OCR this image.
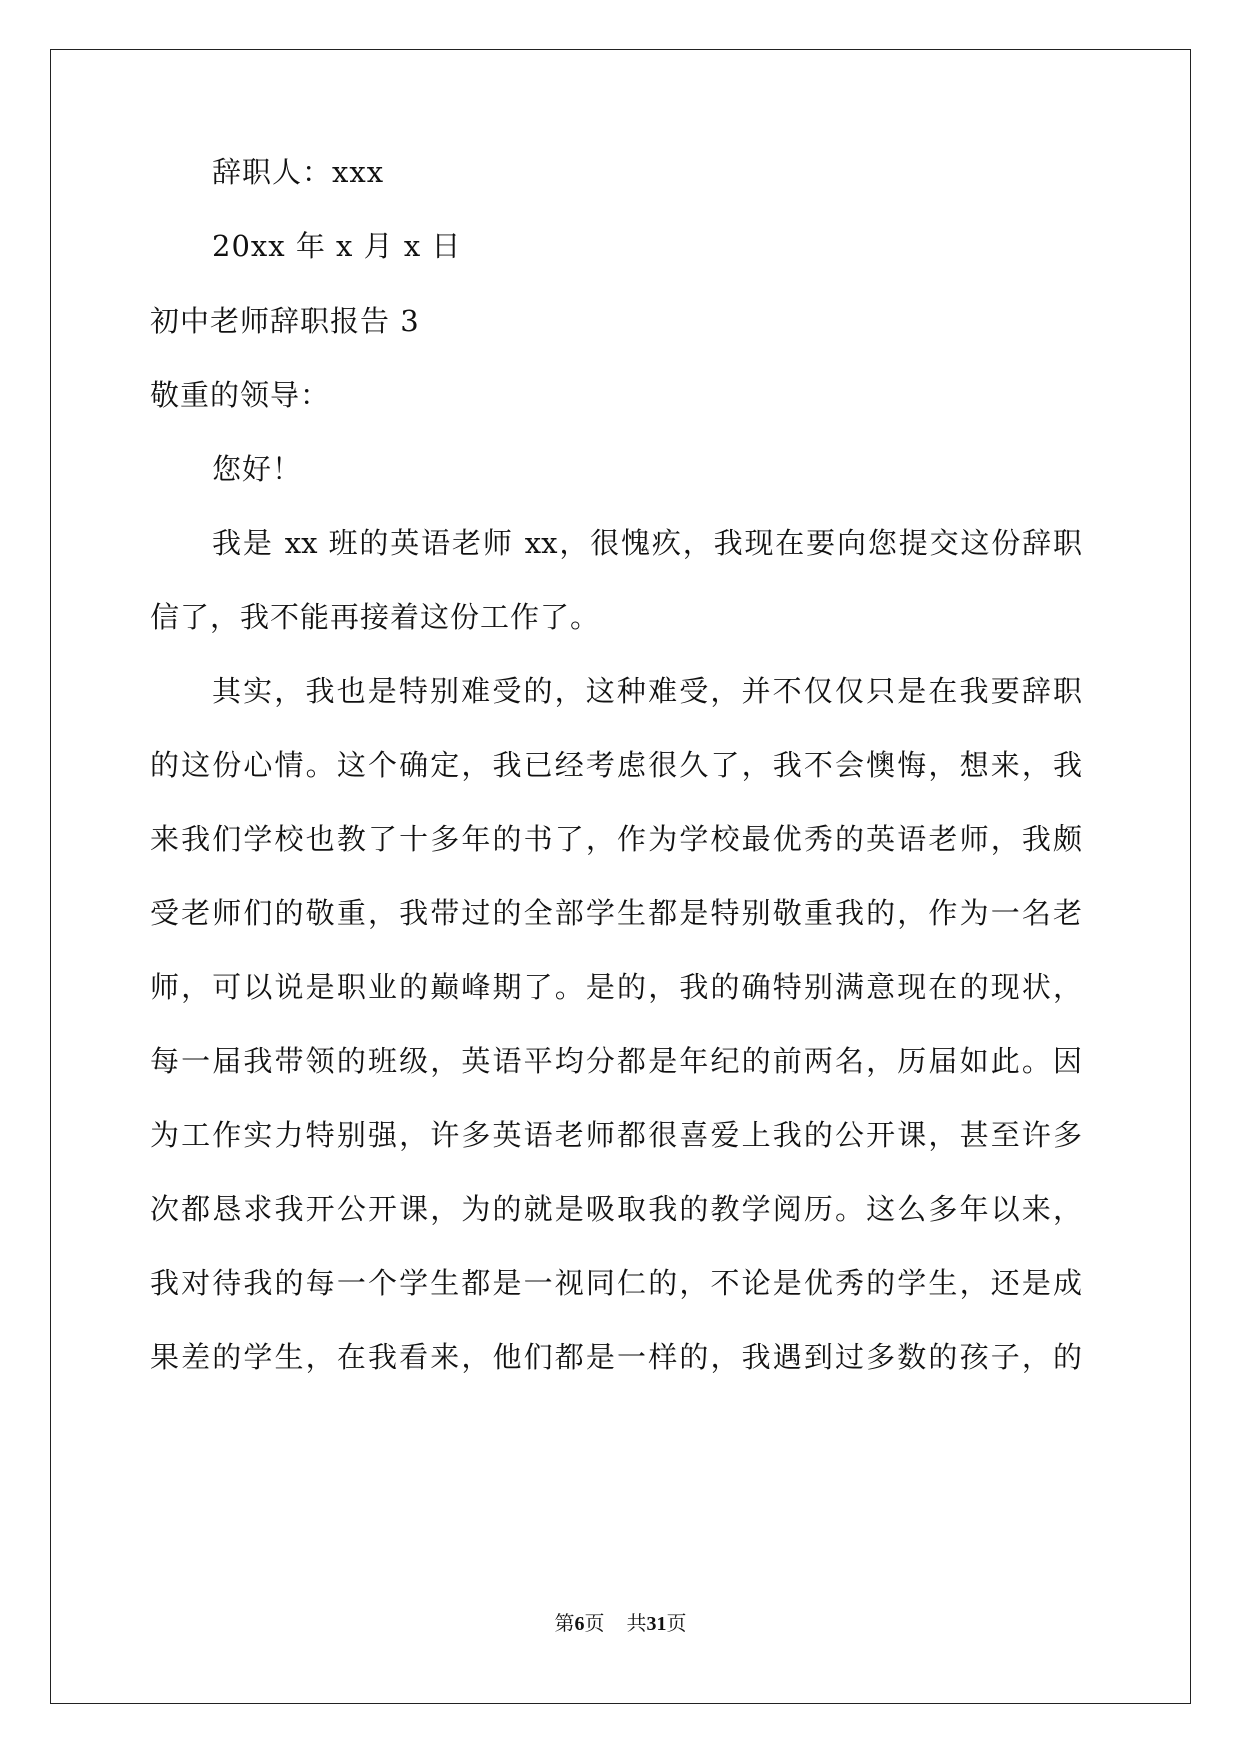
辞职人：xxx
20xx 年 x 月 x 日
初中老师辞职报告 3
敬重的领导：
您好！
我是 xx 班的英语老师 xx，很愧疚，我现在要向您提交这份辞职
信了，我不能再接着这份工作了。
其实，我也是特别难受的，这种难受，并不仅仅只是在我要辞职
的这份心情。这个确定，我已经考虑很久了，我不会懊悔，想来，我
来我们学校也教了十多年的书了，作为学校最优秀的英语老师，我颇
受老师们的敬重，我带过的全部学生都是特别敬重我的，作为一名老
师，可以说是职业的巅峰期了。是的，我的确特别满意现在的现状，
每一届我带领的班级，英语平均分都是年纪的前两名，历届如此。因
为工作实力特别强，许多英语老师都很喜爱上我的公开课，甚至许多
次都恳求我开公开课，为的就是吸取我的教学阅历。这么多年以来，
我对待我的每一个学生都是一视同仁的，不论是优秀的学生，还是成
果差的学生，在我看来，他们都是一样的，我遇到过多数的孩子，的
第6页 共31页
